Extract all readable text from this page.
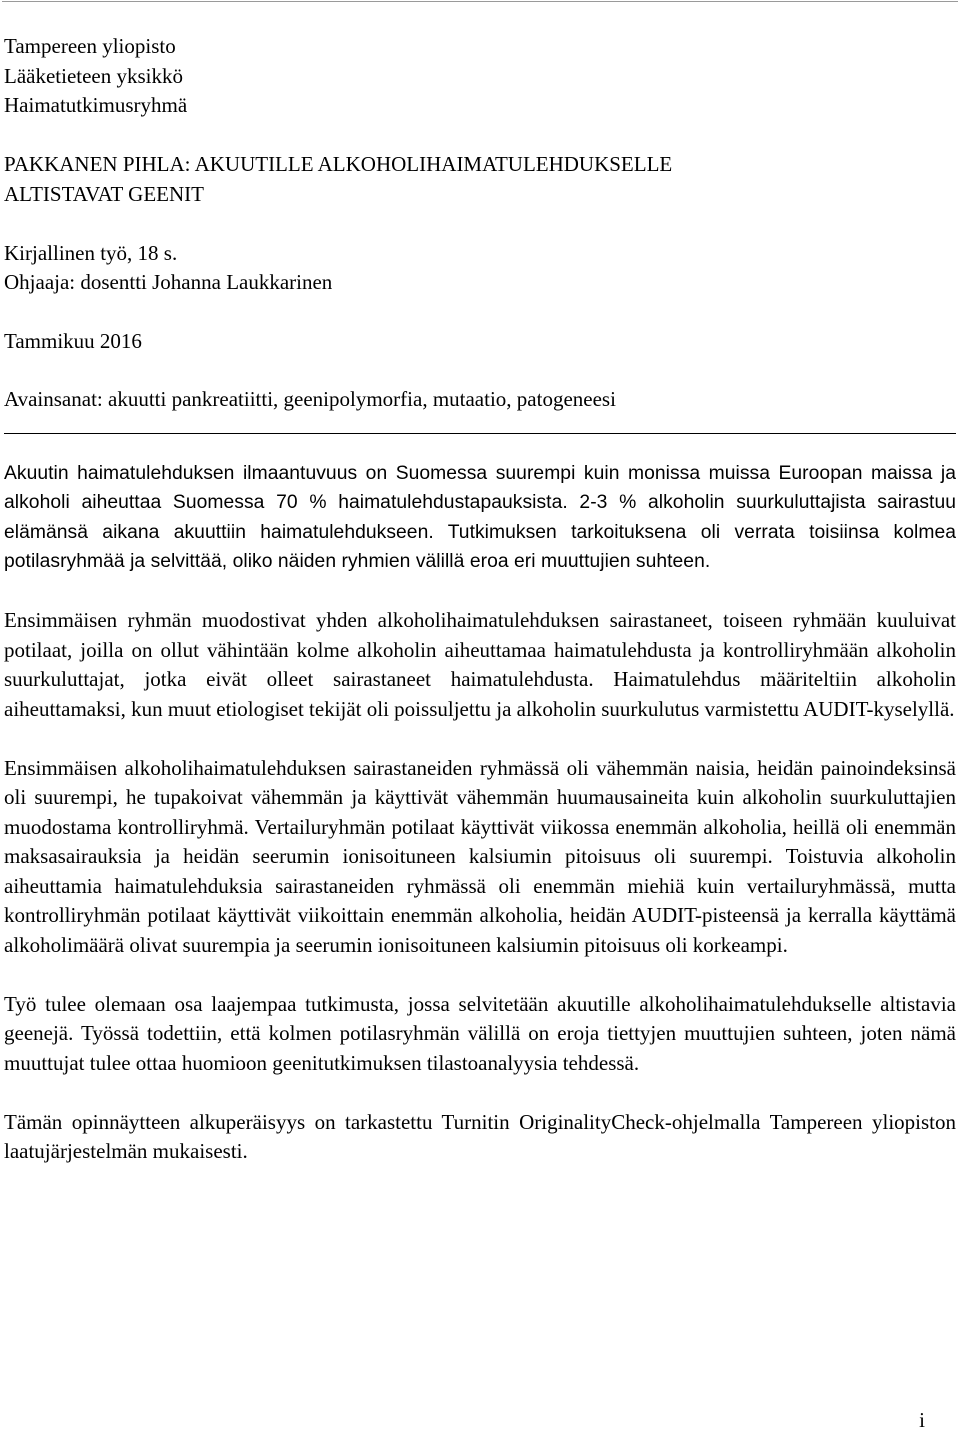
Tampereen yliopisto
Lääketieteen yksikkö
Haimatutkimusryhmä
PAKKANEN PIHLA: AKUUTILLE ALKOHOLIHAIMATULEHDUKSELLE
ALTISTAVAT GEENIT
Kirjallinen työ, 18 s.
Ohjaaja: dosentti Johanna Laukkarinen
Tammikuu 2016
Avainsanat: akuutti pankreatiitti, geenipolymorfia, mutaatio, patogeneesi

Akuutin haimatulehduksen ilmaantuvuus on Suomessa suurempi kuin monissa muissa Euroopan maissa ja alkoholi aiheuttaa Suomessa 70 % haimatulehdustapauksista. 2-3 % alkoholin suurkuluttajista sairastuu elämänsä aikana akuuttiin haimatulehdukseen. Tutkimuksen tarkoituksena oli verrata toisiinsa kolmea potilasryhmää ja selvittää, oliko näiden ryhmien välillä eroa eri muuttujien suhteen.

Ensimmäisen ryhmän muodostivat yhden alkoholihaimatulehduksen sairastaneet, toiseen ryhmään kuuluivat potilaat, joilla on ollut vähintään kolme alkoholin aiheuttamaa haimatulehdusta ja kontrolliryhmään alkoholin suurkuluttajat, jotka eivät olleet sairastaneet haimatulehdusta. Haimatulehdus määriteltiin alkoholin aiheuttamaksi, kun muut etiologiset tekijät oli poissuljettu ja alkoholin suurkulutus varmistettu AUDIT-kyselyllä.

Ensimmäisen alkoholihaimatulehduksen sairastaneiden ryhmässä oli vähemmän naisia, heidän painoindeksinsä oli suurempi, he tupakoivat vähemmän ja käyttivät vähemmän huumausaineita kuin alkoholin suurkuluttajien muodostama kontrolliryhmä. Vertailuryhmän potilaat käyttivät viikossa enemmän alkoholia, heillä oli enemmän maksasairauksia ja heidän seerumin ionisoituneen kalsiumin pitoisuus oli suurempi. Toistuvia alkoholin aiheuttamia haimatulehduksia sairastaneiden ryhmässä oli enemmän miehiä kuin vertailuryhmässä, mutta kontrolliryhmän potilaat käyttivät viikoittain enemmän alkoholia, heidän AUDIT-pisteensä ja kerralla käyttämä alkoholimäärä olivat suurempia ja seerumin ionisoituneen kalsiumin pitoisuus oli korkeampi.

Työ tulee olemaan osa laajempaa tutkimusta, jossa selvitetään akuutille alkoholihaimatulehdukselle altistavia geenejä. Työssä todettiin, että kolmen potilasryhmän välillä on eroja tiettyjen muuttujien suhteen, joten nämä muuttujat tulee ottaa huomioon geenitutkimuksen tilastoanalyysia tehdessä.

Tämän opinnäytteen alkuperäisyys on tarkastettu Turnitin OriginalityCheck-ohjelmalla Tampereen yliopiston laatujärjestelmän mukaisesti.

i
